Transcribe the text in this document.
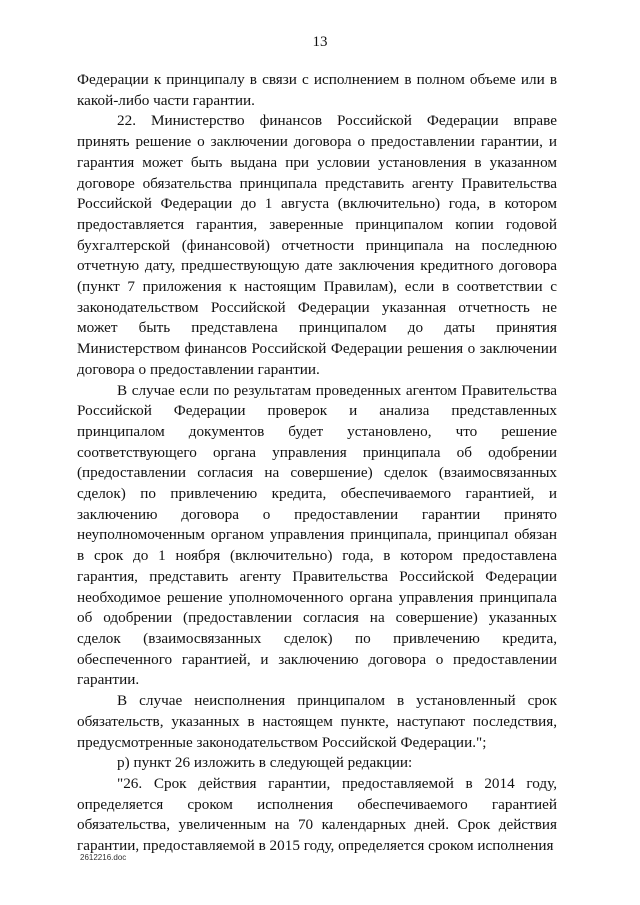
13

Федерации к принципалу в связи с исполнением в полном объеме или в какой-либо части гарантии.

22. Министерство финансов Российской Федерации вправе принять решение о заключении договора о предоставлении гарантии, и гарантия может быть выдана при условии установления в указанном договоре обязательства принципала представить агенту Правительства Российской Федерации до 1 августа (включительно) года, в котором предоставляется гарантия, заверенные принципалом копии годовой бухгалтерской (финансовой) отчетности принципала на последнюю отчетную дату, предшествующую дате заключения кредитного договора (пункт 7 приложения к настоящим Правилам), если в соответствии с законодательством Российской Федерации указанная отчетность не может быть представлена принципалом до даты принятия Министерством финансов Российской Федерации решения о заключении договора о предоставлении гарантии.

В случае если по результатам проведенных агентом Правительства Российской Федерации проверок и анализа представленных принципалом документов будет установлено, что решение соответствующего органа управления принципала об одобрении (предоставлении согласия на совершение) сделок (взаимосвязанных сделок) по привлечению кредита, обеспечиваемого гарантией, и заключению договора о предоставлении гарантии принято неуполномоченным органом управления принципала, принципал обязан в срок до 1 ноября (включительно) года, в котором предоставлена гарантия, представить агенту Правительства Российской Федерации необходимое решение уполномоченного органа управления принципала об одобрении (предоставлении согласия на совершение) указанных сделок (взаимосвязанных сделок) по привлечению кредита, обеспеченного гарантией, и заключению договора о предоставлении гарантии.

В случае неисполнения принципалом в установленный срок обязательств, указанных в настоящем пункте, наступают последствия, предусмотренные законодательством Российской Федерации.";

р) пункт 26 изложить в следующей редакции:

"26. Срок действия гарантии, предоставляемой в 2014 году, определяется сроком исполнения обеспечиваемого гарантией обязательства, увеличенным на 70 календарных дней. Срок действия гарантии, предоставляемой в 2015 году, определяется сроком исполнения

2612216.doc
